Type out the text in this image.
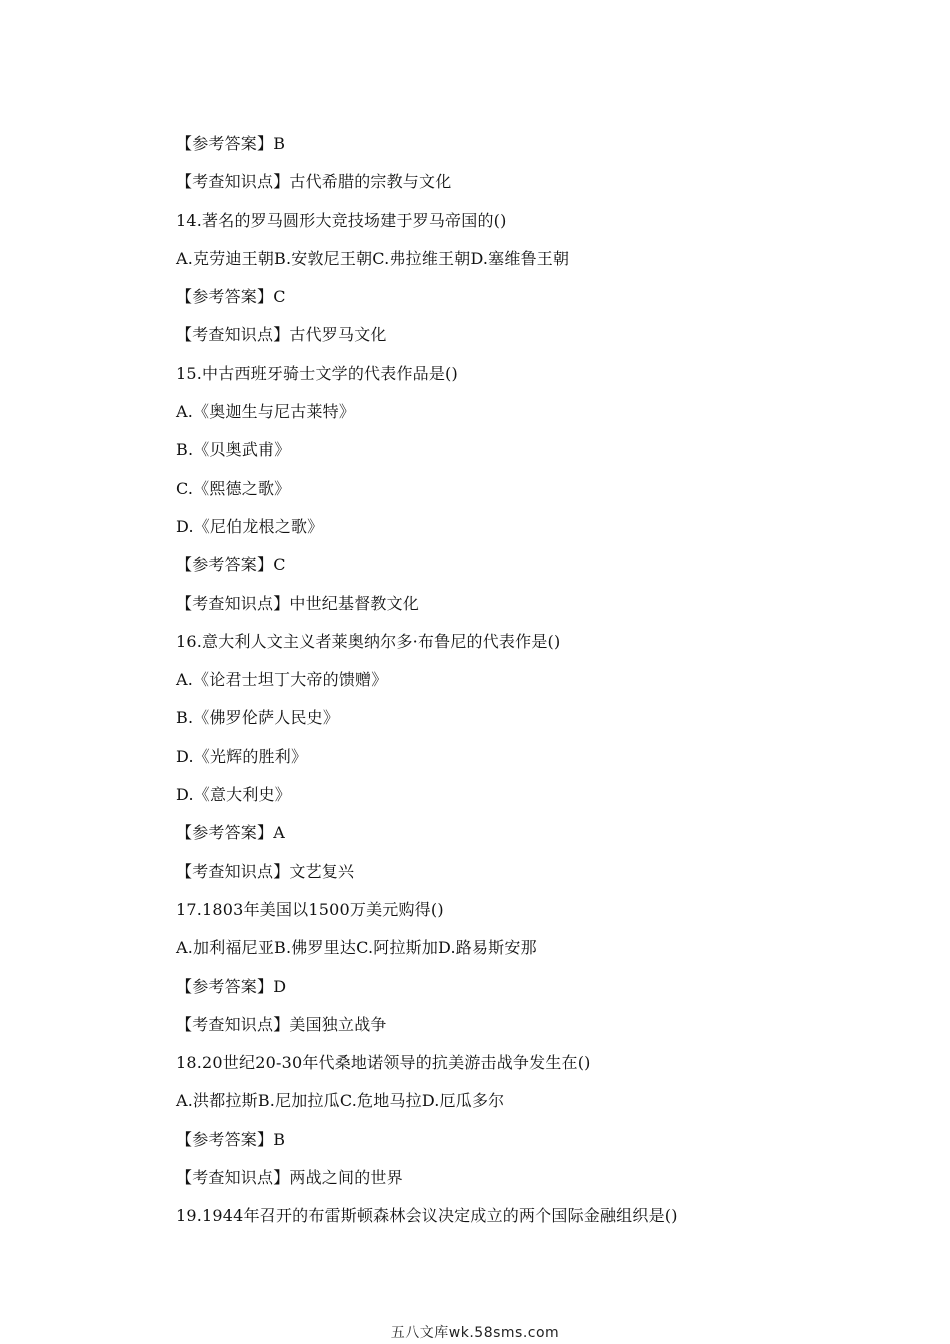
【参考答案】B
【考查知识点】古代希腊的宗教与文化
14.著名的罗马圆形大竞技场建于罗马帝国的()
A.克劳迪王朝B.安敦尼王朝C.弗拉维王朝D.塞维鲁王朝
【参考答案】C
【考查知识点】古代罗马文化
15.中古西班牙骑士文学的代表作品是()
A.《奥迦生与尼古莱特》
B.《贝奥武甫》
C.《熙德之歌》
D.《尼伯龙根之歌》
【参考答案】C
【考查知识点】中世纪基督教文化
16.意大利人文主义者莱奥纳尔多·布鲁尼的代表作是()
A.《论君士坦丁大帝的馈赠》
B.《佛罗伦萨人民史》
D.《光辉的胜利》
D.《意大利史》
【参考答案】A
【考查知识点】文艺复兴
17.1803年美国以1500万美元购得()
A.加利福尼亚B.佛罗里达C.阿拉斯加D.路易斯安那
【参考答案】D
【考查知识点】美国独立战争
18.20世纪20-30年代桑地诺领导的抗美游击战争发生在()
A.洪都拉斯B.尼加拉瓜C.危地马拉D.厄瓜多尔
【参考答案】B
【考查知识点】两战之间的世界
19.1944年召开的布雷斯顿森林会议决定成立的两个国际金融组织是()
五八文库wk.58sms.com
